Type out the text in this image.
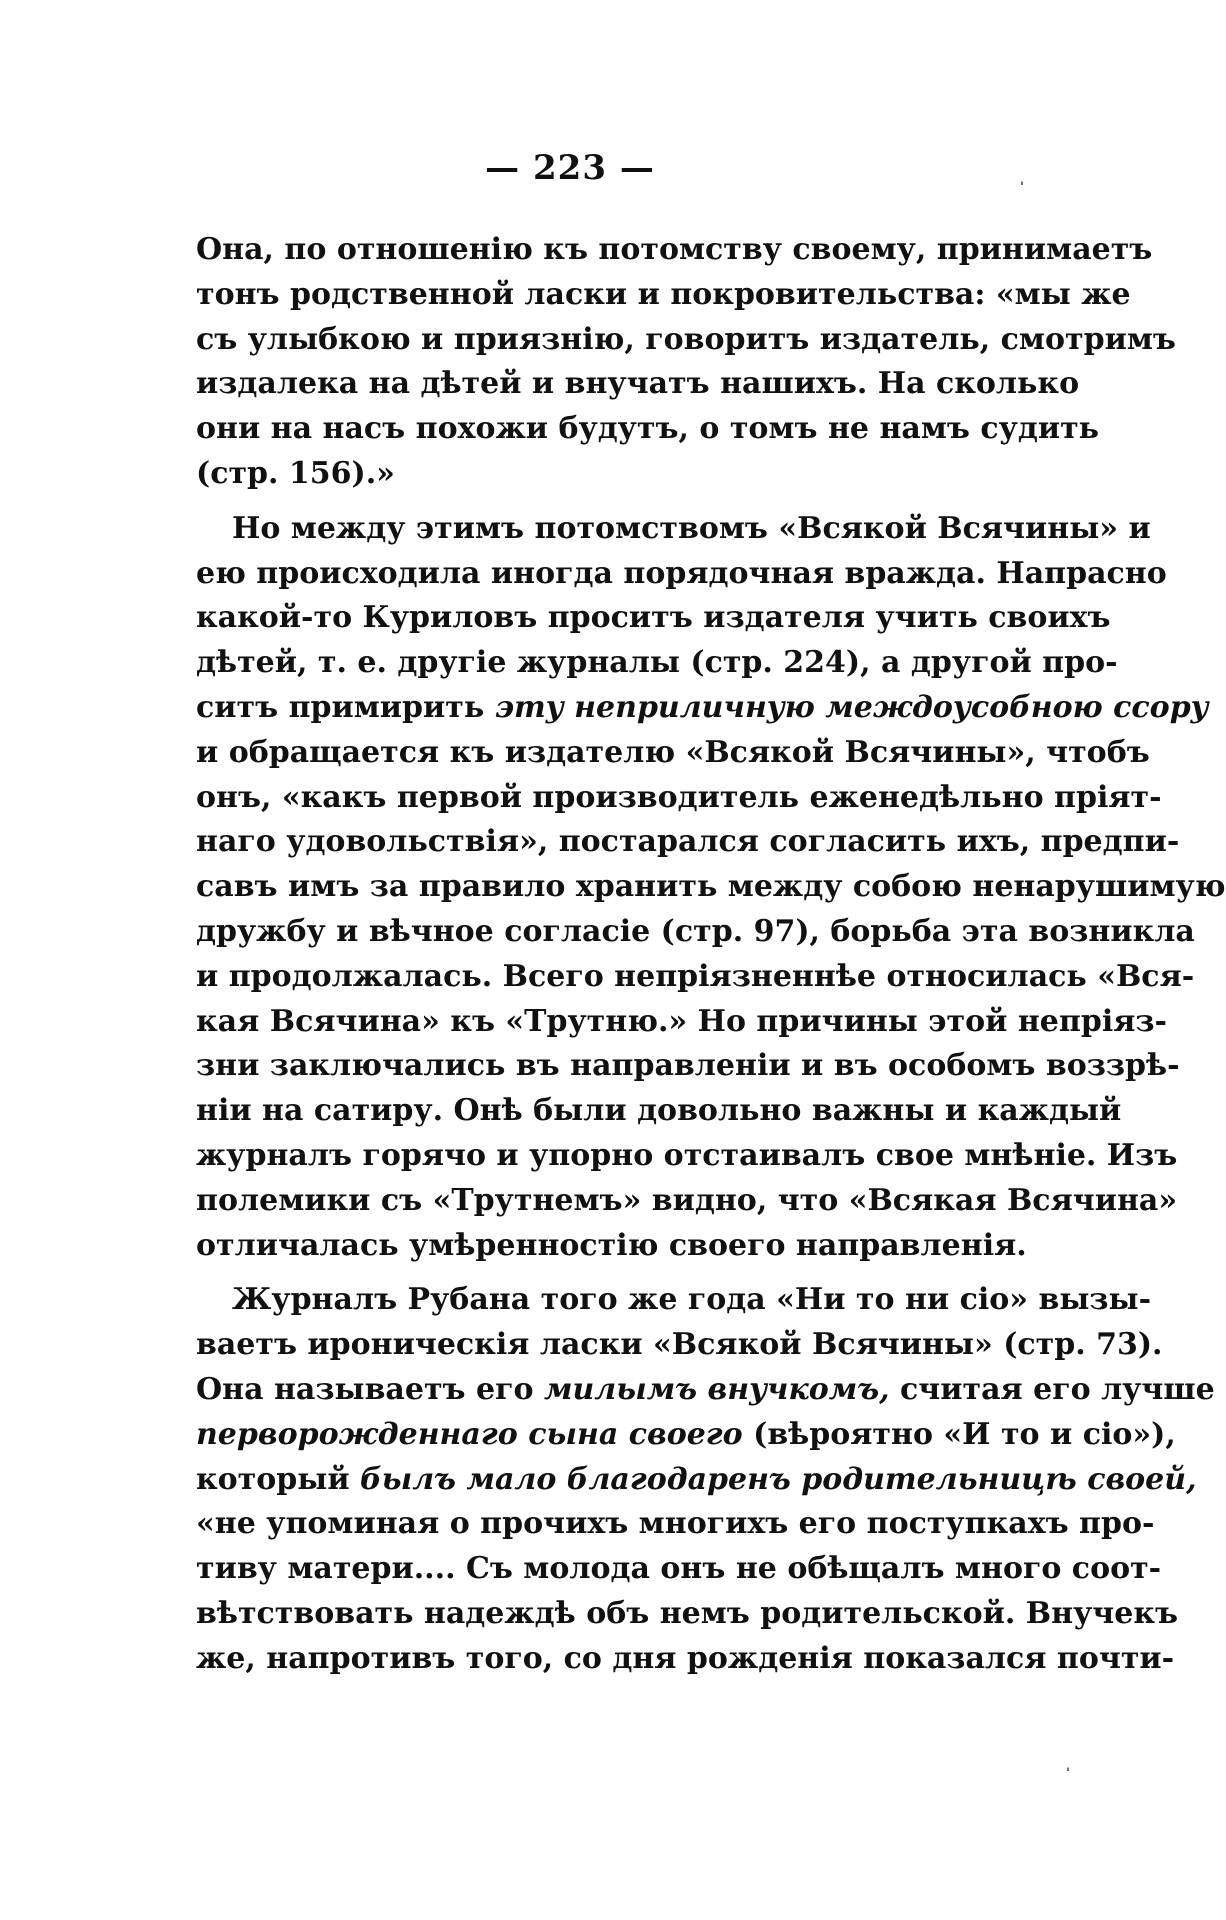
— 223 —
Она, по отношенію къ потомству своему, принимаетъ
тонъ родственной ласки и покровительства: «мы же
съ улыбкою и приязнію, говоритъ издатель, смотримъ
издалека на дѣтей и внучатъ нашихъ. На сколько
они на насъ похожи будутъ, о томъ не намъ судить
(стр. 156).»
Но между этимъ потомствомъ «Всякой Всячины» и
ею происходила иногда порядочная вражда. Напрасно
какой-то Куриловъ проситъ издателя учить своихъ
дѣтей, т. е. другіе журналы (стр. 224), а другой про-
ситъ примирить эту неприличную междоусобною ссору
и обращается къ издателю «Всякой Всячины», чтобъ
онъ, «какъ первой производитель еженедѣльно пріят-
наго удовольствія», постарался согласить ихъ, предпи-
савъ имъ за правило хранить между собою ненарушимую
дружбу и вѣчное согласіе (стр. 97), борьба эта возникла
и продолжалась. Всего непріязненнѣе относилась «Вся-
кая Всячина» къ «Трутню.» Но причины этой непріяз-
зни заключались въ направленіи и въ особомъ воззрѣ-
ніи на сатиру. Онѣ были довольно важны и каждый
журналъ горячо и упорно отстаивалъ свое мнѣніе. Изъ
полемики съ «Трутнемъ» видно, что «Всякая Всячина»
отличалась умѣренностію своего направленія.
Журналъ Рубана того же года «Ни то ни сіо» вызы-
ваетъ ироническія ласки «Всякой Всячины» (стр. 73).
Она называетъ его милымъ внучкомъ, считая его лучше
перворожденнаго сына своего (вѣроятно «И то и сіо»),
который былъ мало благодаренъ родительницѣ своей,
«не упоминая о прочихъ многихъ его поступкахъ про-
тиву матери.... Съ молода онъ не обѣщалъ много соот-
вѣтствовать надеждѣ объ немъ родительской. Внучекъ
же, напротивъ того, со дня рожденія показался почти-
ˈ
ˈ
